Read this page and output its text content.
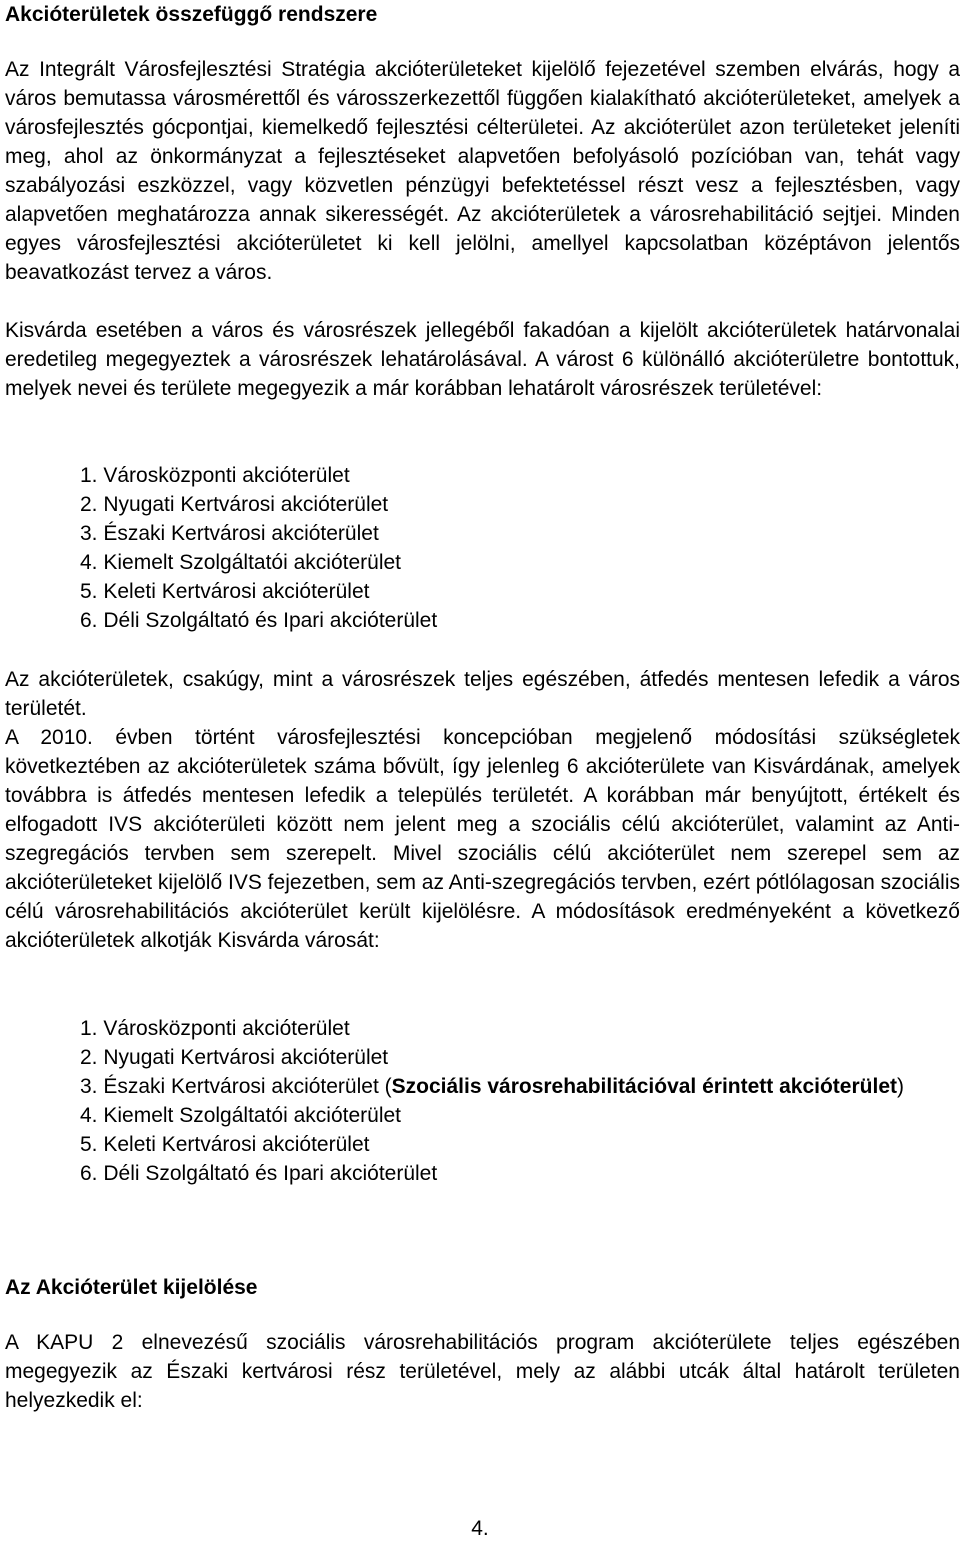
Akcióterületek összefüggő rendszere

Az Integrált Városfejlesztési Stratégia akcióterületeket kijelölő fejezetével szemben elvárás, hogy a város bemutassa városmérettől és városszerkezettől függően kialakítható akcióterületeket, amelyek a városfejlesztés gócpontjai, kiemelkedő fejlesztési célterületei. Az akcióterület azon területeket jeleníti meg, ahol az önkormányzat a fejlesztéseket alapvetően befolyásoló pozícióban van, tehát vagy szabályozási eszközzel, vagy közvetlen pénzügyi befektetéssel részt vesz a fejlesztésben, vagy alapvetően meghatározza annak sikerességét. Az akcióterületek a városrehabilitáció sejtjei. Minden egyes városfejlesztési akcióterületet ki kell jelölni, amellyel kapcsolatban középtávon jelentős beavatkozást tervez a város.

Kisvárda esetében a város és városrészek jellegéből fakadóan a kijelölt akcióterületek határvonalai eredetileg megegyeztek a városrészek lehatárolásával. A várost 6 különálló akcióterületre bontottuk, melyek nevei és területe megegyezik a már korábban lehatárolt városrészek területével:

1. Városközponti akcióterület
2. Nyugati Kertvárosi akcióterület
3. Északi Kertvárosi akcióterület
4. Kiemelt Szolgáltatói akcióterület
5. Keleti Kertvárosi akcióterület
6. Déli Szolgáltató és Ipari akcióterület

Az akcióterületek, csakúgy, mint a városrészek teljes egészében, átfedés mentesen lefedik a város területét.

A 2010. évben történt városfejlesztési koncepcióban megjelenő módosítási szükségletek következtében az akcióterületek száma bővült, így jelenleg 6 akcióterülete van Kisvárdának, amelyek továbbra is átfedés mentesen lefedik a település területét. A korábban már benyújtott, értékelt és elfogadott IVS akcióterületi között nem jelent meg a szociális célú akcióterület, valamint az Anti-szegregációs tervben sem szerepelt. Mivel szociális célú akcióterület nem szerepel sem az akcióterületeket kijelölő IVS fejezetben, sem az Anti-szegregációs tervben, ezért pótlólagosan szociális célú városrehabilitációs akcióterület került kijelölésre. A módosítások eredményeként a következő akcióterületek alkotják Kisvárda városát:

1. Városközponti akcióterület
2. Nyugati Kertvárosi akcióterület
3. Északi Kertvárosi akcióterület (Szociális városrehabilitációval érintett akcióterület)
4. Kiemelt Szolgáltatói akcióterület
5. Keleti Kertvárosi akcióterület
6. Déli Szolgáltató és Ipari akcióterület
Az Akcióterület kijelölése

A KAPU 2 elnevezésű szociális városrehabilitációs program akcióterülete teljes egészében megegyezik az Északi kertvárosi rész területével, mely az alábbi utcák által határolt területen helyezkedik el:

4.
